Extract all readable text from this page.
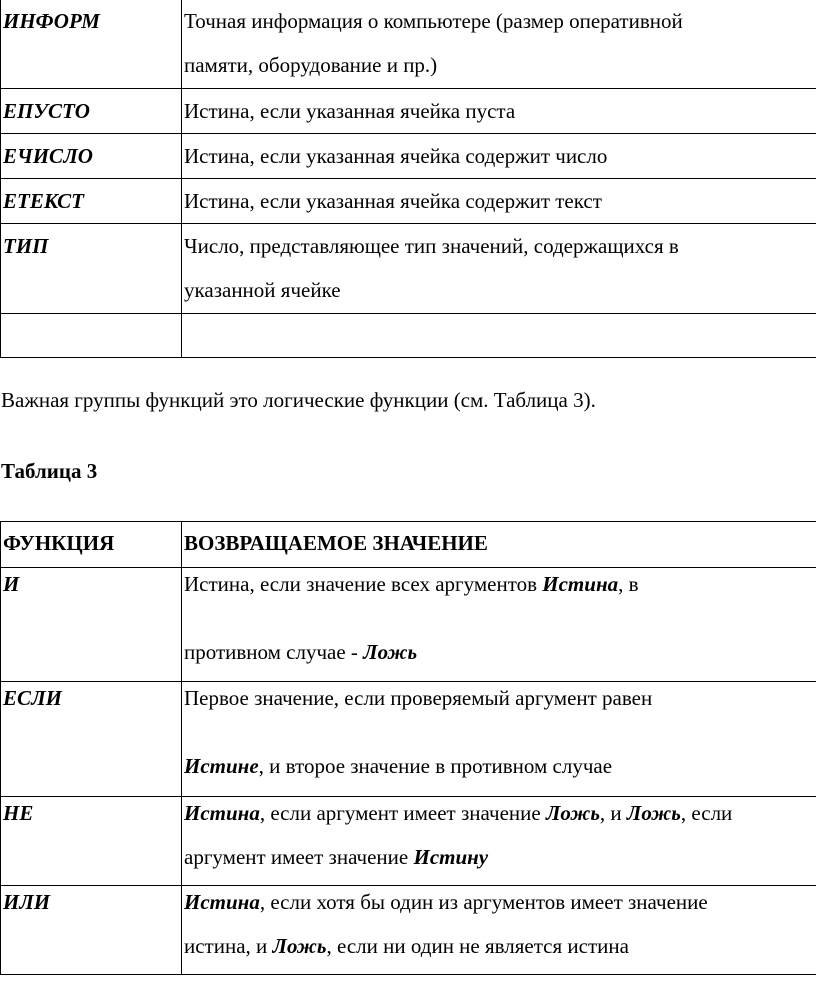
ИНФОРМ	Точная информация о компьютере (размер оперативной
памяти, оборудование и пр.)

ЕПУСТО	Истина, если указанная ячейка пуста
ЕЧИСЛО	Истина, если указанная ячейка содержит число
ЕТЕКСТ	Истина, если указанная ячейка содержит текст
ТИП	Число, представляющее тип значений, содержащихся в
указанной ячейке

Важная группы функций это логические функции (см. Таблица 3).
Таблица 3
ФУНКЦИЯ	ВОЗВРАЩАЕМОЕ ЗНАЧЕНИЕ
И	Истина, если значение всех аргументов Истина, в
противном случае - Ложь

ЕСЛИ	Первое значение, если проверяемый аргумент равен
Истине, и второе значение в противном случае

НЕ	Истина, если аргумент имеет значение Ложь, и Ложь, если
аргумент имеет значение Истину

ИЛИ	Истина, если хотя бы один из аргументов имеет значение
истина, и Ложь, если ни один не является истина
